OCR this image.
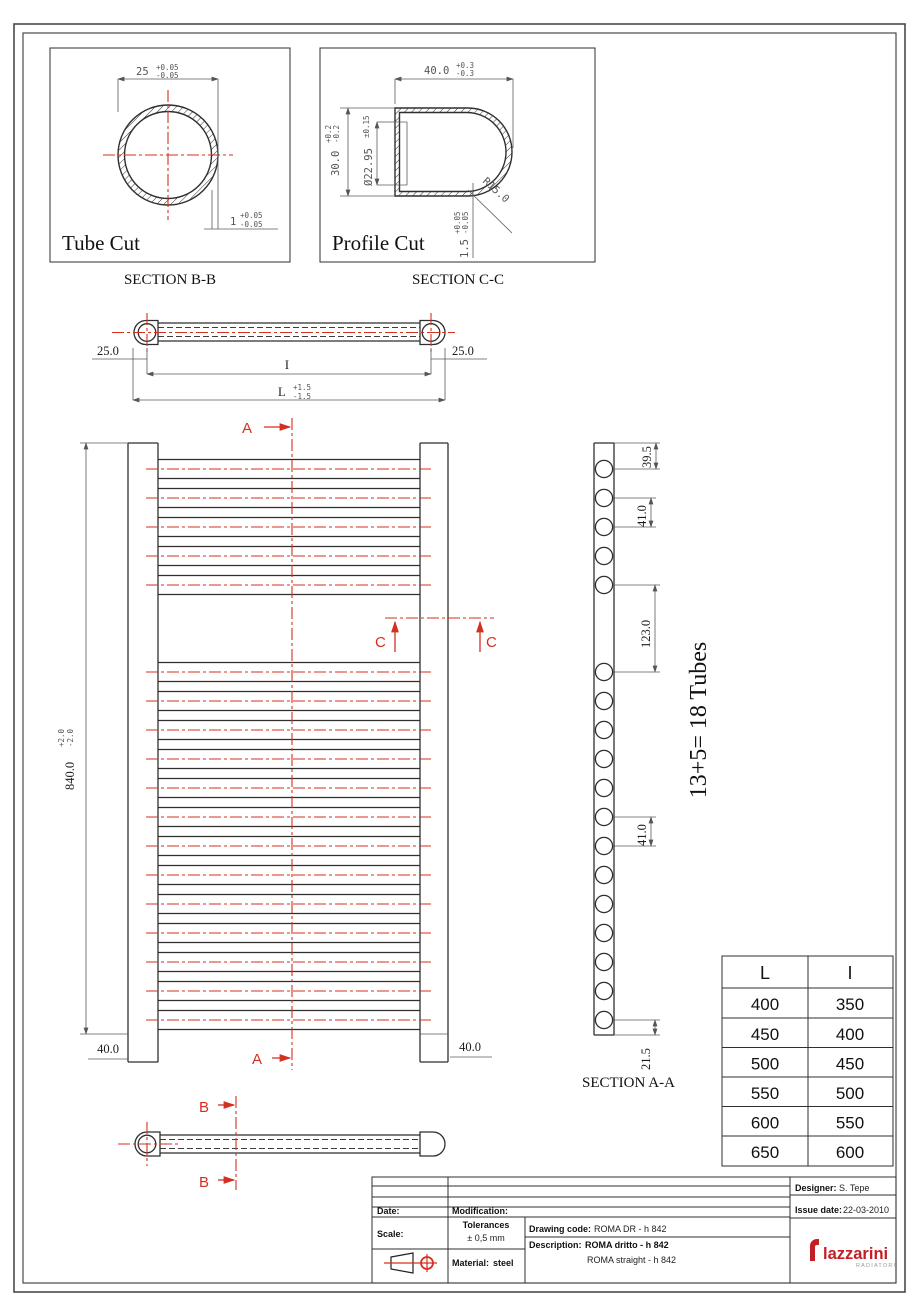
25 +0.05
-0.05
1
+0.05
-0.05
Tube Cut
SECTION B-B
40.0 +0.3
-0.3
30.0
+0.2 -0.2
Ø22.95
±0.15
R15.0
1.5
+0.05 -0.05
Profile Cut
SECTION C-C
25.0	25.0
I
L +1.5
-1.5
840.0
+2.0 -2.0
40.0	40.0
A
A
C	C
B
B
39.5
41.0
123.0
41.0
21.5
13+5= 18 Tubes
SECTION A-A
L	I
400	350
450	400
500	450
550	500
600	550
650	600
Date:	Modification:
Scale:
Tolerances
± 0,5 mm
Material: steel
Drawing code: ROMA DR - h 842
Description: ROMA dritto - h 842
ROMA straight - h 842
Designer: S. Tepe
Issue date: 22-03-2010
lazzarini
RADIATORI
